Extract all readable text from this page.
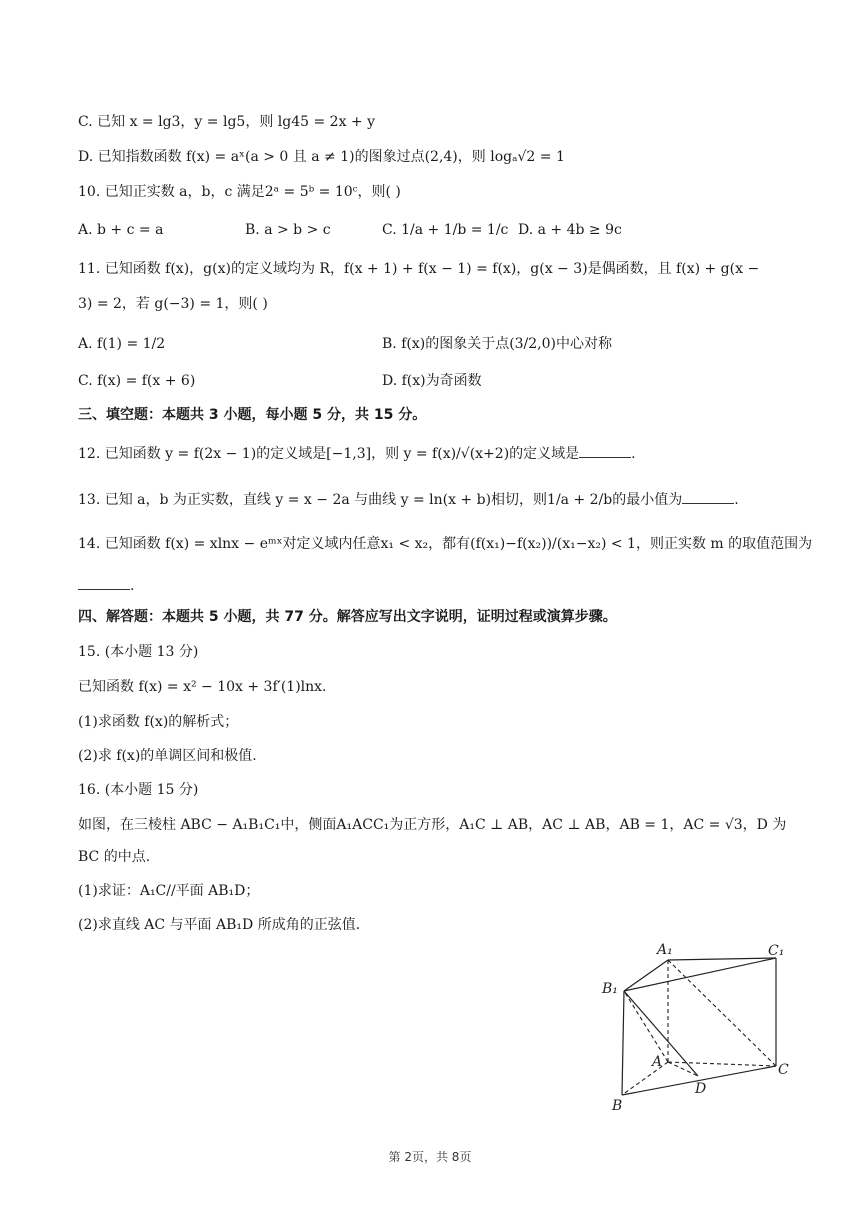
C. 已知 x = lg3，y = lg5，则 lg45 = 2x + y
D. 已知指数函数 f(x) = aˣ(a > 0 且 a ≠ 1)的图象过点(2,4)，则 logₐ√2 = 1
10. 已知正实数 a，b，c 满足2ᵃ = 5ᵇ = 10ᶜ，则( )
A. b + c = a	B. a > b > c	C. 1/a + 1/b = 1/c D. a + 4b ≥ 9c
11. 已知函数 f(x)，g(x)的定义域均为 R，f(x + 1) + f(x − 1) = f(x)，g(x − 3)是偶函数，且 f(x) + g(x −
3) = 2，若 g(−3) = 1，则( )
A. f(1) = 1/2	B. f(x)的图象关于点(3/2,0)中心对称
C. f(x) = f(x + 6)	D. f(x)为奇函数
三、填空题：本题共 3 小题，每小题 5 分，共 15 分。
12. 已知函数 y = f(2x − 1)的定义域是[−1,3]，则 y = f(x)/√(x+2)的定义域是	.
13. 已知 a，b 为正实数，直线 y = x − 2a 与曲线 y = ln(x + b)相切，则1/a + 2/b的最小值为	.
14. 已知函数 f(x) = xlnx − eᵐˣ对定义域内任意x₁ < x₂，都有(f(x₁)−f(x₂))/(x₁−x₂) < 1，则正实数 m 的取值范围为
.
四、解答题：本题共 5 小题，共 77 分。解答应写出文字说明，证明过程或演算步骤。
15. (本小题 13 分)
已知函数 f(x) = x² − 10x + 3f′(1)lnx.
(1)求函数 f(x)的解析式；
(2)求 f(x)的单调区间和极值.
16. (本小题 15 分)
如图，在三棱柱 ABC − A₁B₁C₁中，侧面A₁ACC₁为正方形，A₁C ⊥ AB，AC ⊥ AB，AB = 1，AC = √3，D 为
BC 的中点.
(1)求证：A₁C//平面 AB₁D；
(2)求直线 AC 与平面 AB₁D 所成角的正弦值.
A₁	C₁
B₁
A	C
B
D
第 2页，共 8页
